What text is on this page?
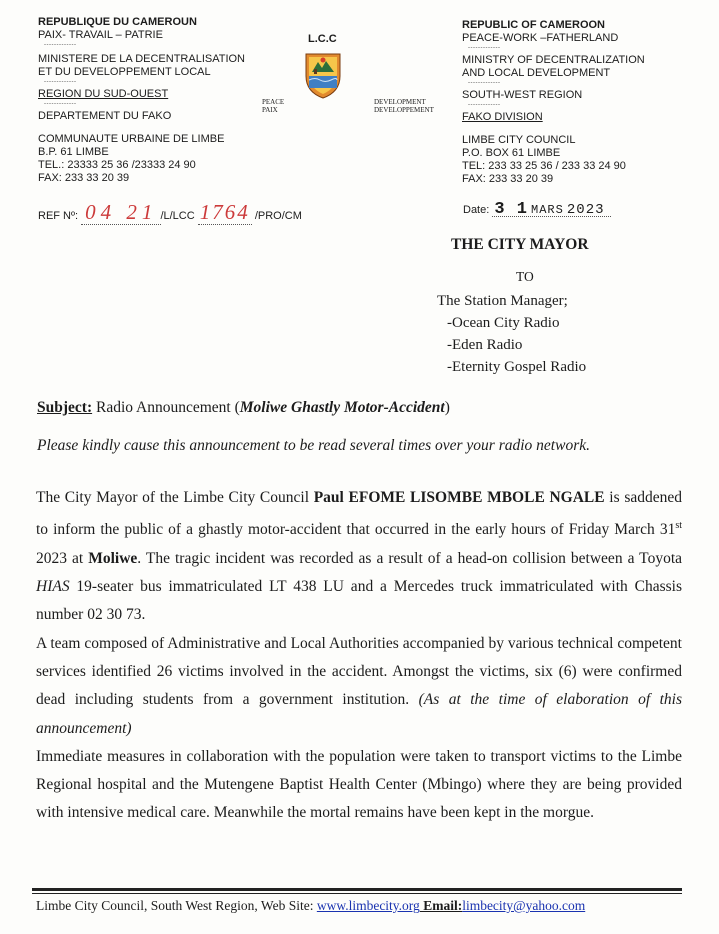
REPUBLIQUE DU CAMEROUN
PAIX- TRAVAIL – PATRIE
-------------
MINISTERE DE LA DECENTRALISATION
ET DU DEVELOPPEMENT LOCAL
-------------
REGION DU SUD-OUEST
-------------
DEPARTEMENT DU FAKO
COMMUNAUTE URBAINE DE LIMBE
B.P. 61 LIMBE
TEL.: 23333 25 36 /23333 24 90
FAX: 233 33 20 39
L.C.C
PEACE
PAIX
DEVELOPMENT
DEVELOPPEMENT
REPUBLIC OF CAMEROON
PEACE-WORK –FATHERLAND
-------------
MINISTRY OF DECENTRALIZATION
AND LOCAL DEVELOPMENT
-------------
SOUTH-WEST REGION
-------------
FAKO DIVISION
LIMBE CITY COUNCIL
P.O. BOX 61 LIMBE
TEL: 233 33 25 36 / 233 33 24 90
FAX: 233 33 20 39
REF Nº: 04 21 /L/LCC 1764 /PRO/CM	Date: 3 1 MARS 2023
THE CITY MAYOR
TO
The Station Manager;
-Ocean City Radio
-Eden Radio
-Eternity Gospel Radio
Subject: Radio Announcement (Moliwe Ghastly Motor-Accident)
Please kindly cause this announcement to be read several times over your radio network.

The City Mayor of the Limbe City Council Paul EFOME LISOMBE MBOLE NGALE is saddened to inform the public of a ghastly motor-accident that occurred in the early hours of Friday March 31st 2023 at Moliwe. The tragic incident was recorded as a result of a head-on collision between a Toyota HIAS 19-seater bus immatriculated LT 438 LU and a Mercedes truck immatriculated with Chassis number 02 30 73.

A team composed of Administrative and Local Authorities accompanied by various technical competent services identified 26 victims involved in the accident. Amongst the victims, six (6) were confirmed dead including students from a government institution. (As at the time of elaboration of this announcement)

Immediate measures in collaboration with the population were taken to transport victims to the Limbe Regional hospital and the Mutengene Baptist Health Center (Mbingo) where they are being provided with intensive medical care. Meanwhile the mortal remains have been kept in the morgue.

Limbe City Council, South West Region, Web Site: www.limbecity.org Email:limbecity@yahoo.com
